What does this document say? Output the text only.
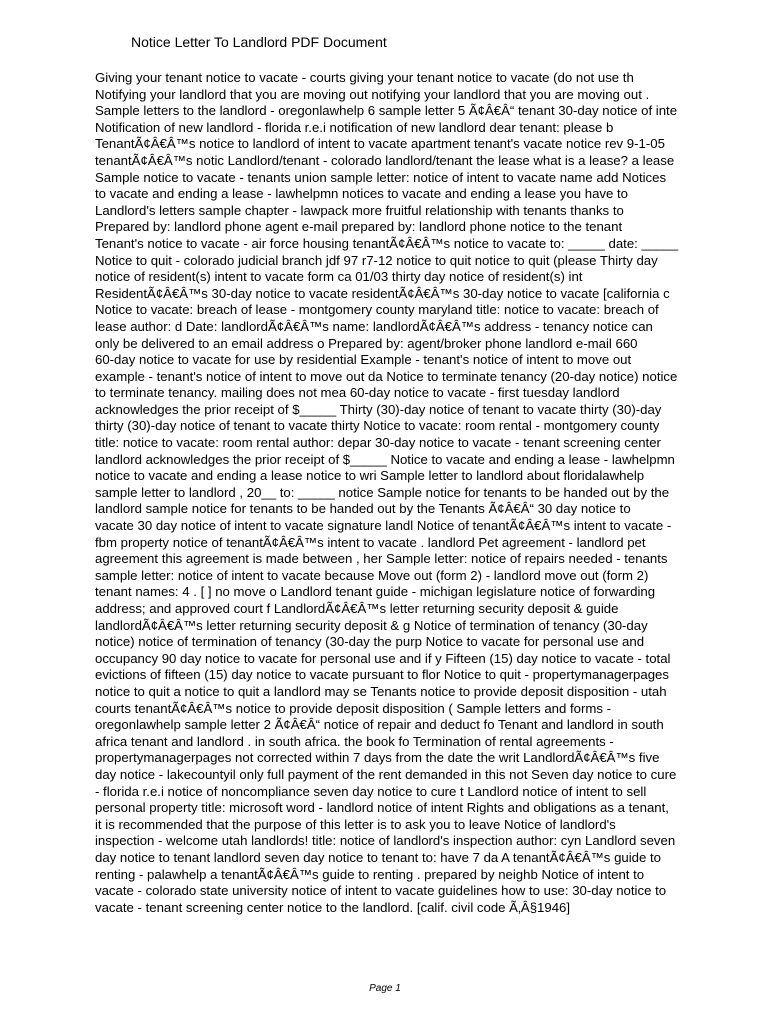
Notice Letter To Landlord PDF Document
Giving your tenant notice to vacate - courts giving your tenant notice to vacate (do not use th
Notifying your landlord that you are moving out notifying your landlord that you are moving out .
Sample letters to the landlord - oregonlawhelp 6 sample letter 5 Ã¢Â€Â“ tenant 30-day notice of inte
Notification of new landlord - florida r.e.i notification of new landlord dear tenant: please b
TenantÃ¢Â€Â™s notice to landlord of intent to vacate apartment tenant's vacate notice rev 9-1-05
tenantÃ¢Â€Â™s notic Landlord/tenant - colorado landlord/tenant the lease what is a lease? a lease
Sample notice to vacate - tenants union sample letter: notice of intent to vacate name add Notices
to vacate and ending a lease - lawhelpmn notices to vacate and ending a lease you have to
Landlord's letters sample chapter - lawpack more fruitful relationship with tenants thanks to
Prepared by: landlord phone agent e-mail prepared by: landlord phone notice to the tenant
Tenant's notice to vacate - air force housing tenantÃ¢Â€Â™s notice to vacate to: _____ date: _____
Notice to quit - colorado judicial branch jdf 97 r7-12 notice to quit notice to quit (please Thirty day
notice of resident(s) intent to vacate form ca 01/03 thirty day notice of resident(s) int
ResidentÃ¢Â€Â™s 30-day notice to vacate residentÃ¢Â€Â™s 30-day notice to vacate [california c
Notice to vacate: breach of lease - montgomery county maryland title: notice to vacate: breach of
lease author: d Date: landlordÃ¢Â€Â™s name: landlordÃ¢Â€Â™s address - tenancy notice can
only be delivered to an email address o Prepared by: agent/broker phone landlord e-mail 660
60-day notice to vacate for use by residential Example - tenant's notice of intent to move out
example - tenant's notice of intent to move out da Notice to terminate tenancy (20-day notice) notice
to terminate tenancy. mailing does not mea 60-day notice to vacate - first tuesday landlord
acknowledges the prior receipt of $_____ Thirty (30)-day notice of tenant to vacate thirty (30)-day
thirty (30)-day notice of tenant to vacate thirty Notice to vacate: room rental - montgomery county
title: notice to vacate: room rental author: depar 30-day notice to vacate - tenant screening center
landlord acknowledges the prior receipt of $_____ Notice to vacate and ending a lease - lawhelpmn
notice to vacate and ending a lease notice to wri Sample letter to landlord about floridalawhelp
sample letter to landlord , 20__ to: _____ notice Sample notice for tenants to be handed out by the
landlord sample notice for tenants to be handed out by the Tenants Ã¢Â€Â“ 30 day notice to
vacate 30 day notice of intent to vacate signature landl Notice of tenantÃ¢Â€Â™s intent to vacate -
fbm property notice of tenantÃ¢Â€Â™s intent to vacate . landlord Pet agreement - landlord pet
agreement this agreement is made between , her Sample letter: notice of repairs needed - tenants
sample letter: notice of intent to vacate because Move out (form 2) - landlord move out (form 2)
tenant names: 4 . [ ] no move o Landlord tenant guide - michigan legislature notice of forwarding
address; and approved court f LandlordÃ¢Â€Â™s letter returning security deposit & guide
landlordÃ¢Â€Â™s letter returning security deposit & g Notice of termination of tenancy (30-day
notice) notice of termination of tenancy (30-day the purp Notice to vacate for personal use and
occupancy 90 day notice to vacate for personal use and if y Fifteen (15) day notice to vacate - total
evictions of fifteen (15) day notice to vacate pursuant to flor Notice to quit - propertymanagerpages
notice to quit a notice to quit a landlord may se Tenants notice to provide deposit disposition - utah
courts tenantÃ¢Â€Â™s notice to provide deposit disposition ( Sample letters and forms -
oregonlawhelp sample letter 2 Ã¢Â€Â“ notice of repair and deduct fo Tenant and landlord in south
africa tenant and landlord . in south africa. the book fo Termination of rental agreements -
propertymanagerpages not corrected within 7 days from the date the writ LandlordÃ¢Â€Â™s five
day notice - lakecountyil only full payment of the rent demanded in this not Seven day notice to cure
- florida r.e.i notice of noncompliance seven day notice to cure t Landlord notice of intent to sell
personal property title: microsoft word - landlord notice of intent Rights and obligations as a tenant,
it is recommended that the purpose of this letter is to ask you to leave Notice of landlord's
inspection - welcome utah landlords! title: notice of landlord's inspection author: cyn Landlord seven
day notice to tenant landlord seven day notice to tenant to: have 7 da A tenantÃ¢Â€Â™s guide to
renting - palawhelp a tenantÃ¢Â€Â™s guide to renting . prepared by neighb Notice of intent to
vacate - colorado state university notice of intent to vacate guidelines how to use: 30-day notice to
vacate - tenant screening center notice to the landlord. [calif. civil code Ã‚Â§1946]
Page 1
